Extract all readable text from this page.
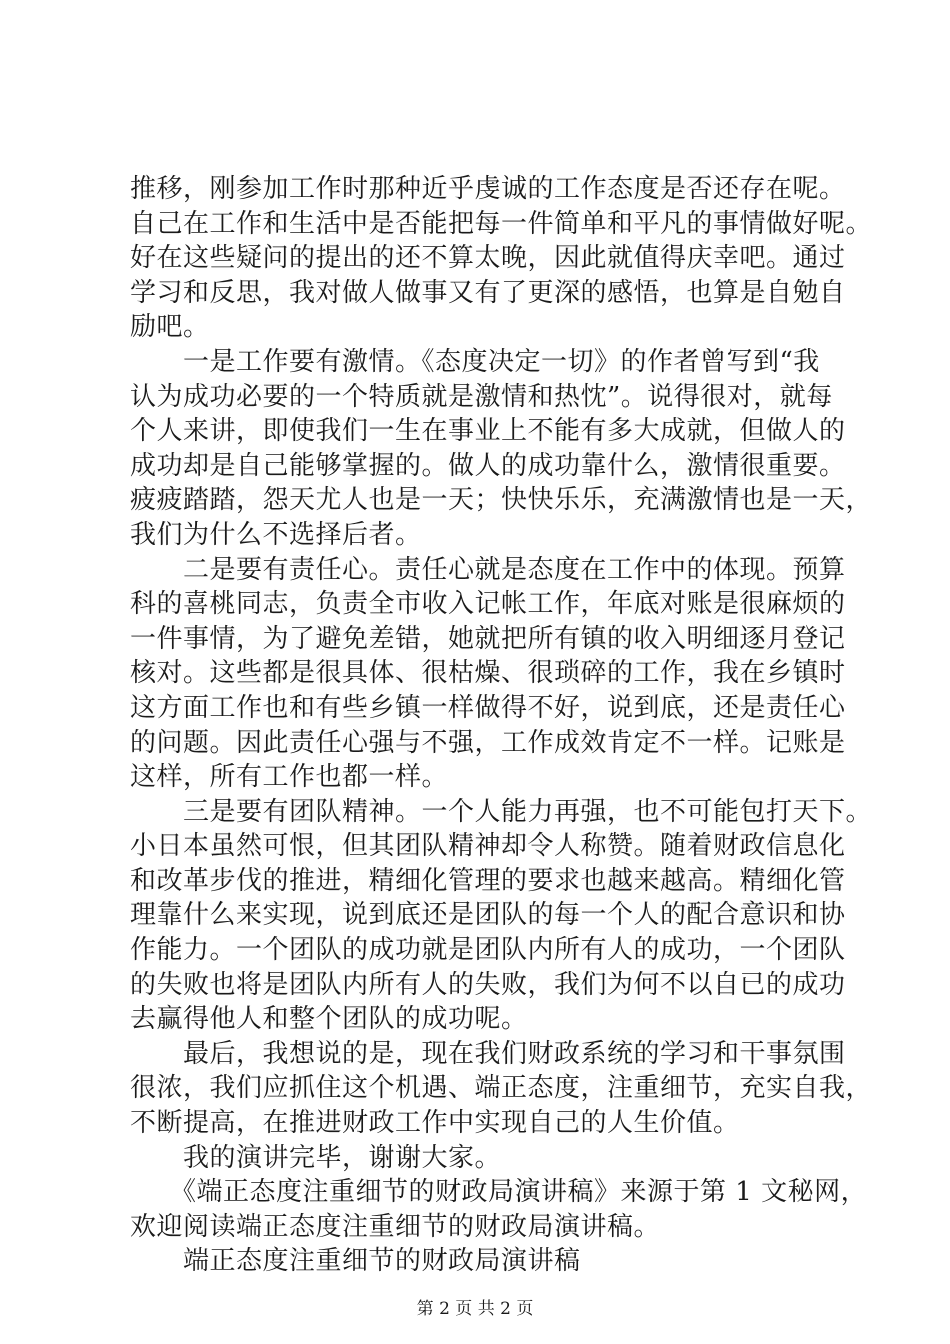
推移，刚参加工作时那种近乎虔诚的工作态度是否还存在呢。
自己在工作和生活中是否能把每一件简单和平凡的事情做好呢。
好在这些疑问的提出的还不算太晚，因此就值得庆幸吧。通过
学习和反思，我对做人做事又有了更深的感悟，也算是自勉自
励吧。
　　一是工作要有激情。《态度决定一切》的作者曾写到“我
认为成功必要的一个特质就是激情和热忱”。说得很对，就每
个人来讲，即使我们一生在事业上不能有多大成就，但做人的
成功却是自己能够掌握的。做人的成功靠什么，激情很重要。
疲疲踏踏，怨天尤人也是一天；快快乐乐，充满激情也是一天，
我们为什么不选择后者。
　　二是要有责任心。责任心就是态度在工作中的体现。预算
科的喜桃同志，负责全市收入记帐工作，年底对账是很麻烦的
一件事情，为了避免差错，她就把所有镇的收入明细逐月登记
核对。这些都是很具体、很枯燥、很琐碎的工作，我在乡镇时
这方面工作也和有些乡镇一样做得不好，说到底，还是责任心
的问题。因此责任心强与不强，工作成效肯定不一样。记账是
这样，所有工作也都一样。
　　三是要有团队精神。一个人能力再强，也不可能包打天下。
小日本虽然可恨，但其团队精神却令人称赞。随着财政信息化
和改革步伐的推进，精细化管理的要求也越来越高。精细化管
理靠什么来实现，说到底还是团队的每一个人的配合意识和协
作能力。一个团队的成功就是团队内所有人的成功，一个团队
的失败也将是团队内所有人的失败，我们为何不以自已的成功
去赢得他人和整个团队的成功呢。
　　最后，我想说的是，现在我们财政系统的学习和干事氛围
很浓，我们应抓住这个机遇、端正态度，注重细节，充实自我，
不断提高，在推进财政工作中实现自己的人生价值。
　　我的演讲完毕，谢谢大家。
　　《端正态度注重细节的财政局演讲稿》来源于第 1 文秘网，
欢迎阅读端正态度注重细节的财政局演讲稿。
　　端正态度注重细节的财政局演讲稿
第 2 页 共 2 页
